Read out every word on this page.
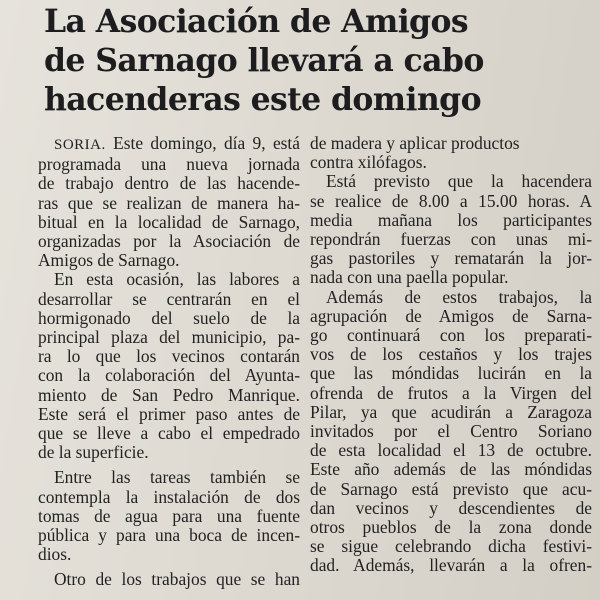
La Asociación de Amigos
de Sarnago llevará a cabo
hacenderas este domingo
SORIA. Este domingo, día 9, está
programada una nueva jornada
de trabajo dentro de las hacende-
ras que se realizan de manera ha-
bitual en la localidad de Sarnago,
organizadas por la Asociación de
Amigos de Sarnago.
En esta ocasión, las labores a
desarrollar se centrarán en el
hormigonado del suelo de la
principal plaza del municipio, pa-
ra lo que los vecinos contarán
con la colaboración del Ayunta-
miento de San Pedro Manrique.
Este será el primer paso antes de
que se lleve a cabo el empedrado
de la superficie.
Entre las tareas también se
contempla la instalación de dos
tomas de agua para una fuente
pública y para una boca de incen-
dios.
Otro de los trabajos que se han
de madera y aplicar productos
contra xilófagos.
Está previsto que la hacendera
se realice de 8.00 a 15.00 horas. A
media mañana los participantes
repondrán fuerzas con unas mi-
gas pastoriles y rematarán la jor-
nada con una paella popular.
Además de estos trabajos, la
agrupación de Amigos de Sarna-
go continuará con los preparati-
vos de los cestaños y los trajes
que las móndidas lucirán en la
ofrenda de frutos a la Virgen del
Pilar, ya que acudirán a Zaragoza
invitados por el Centro Soriano
de esta localidad el 13 de octubre.
Este año además de las móndidas
de Sarnago está previsto que acu-
dan vecinos y descendientes de
otros pueblos de la zona donde
se sigue celebrando dicha festivi-
dad. Además, llevarán a la ofren-
